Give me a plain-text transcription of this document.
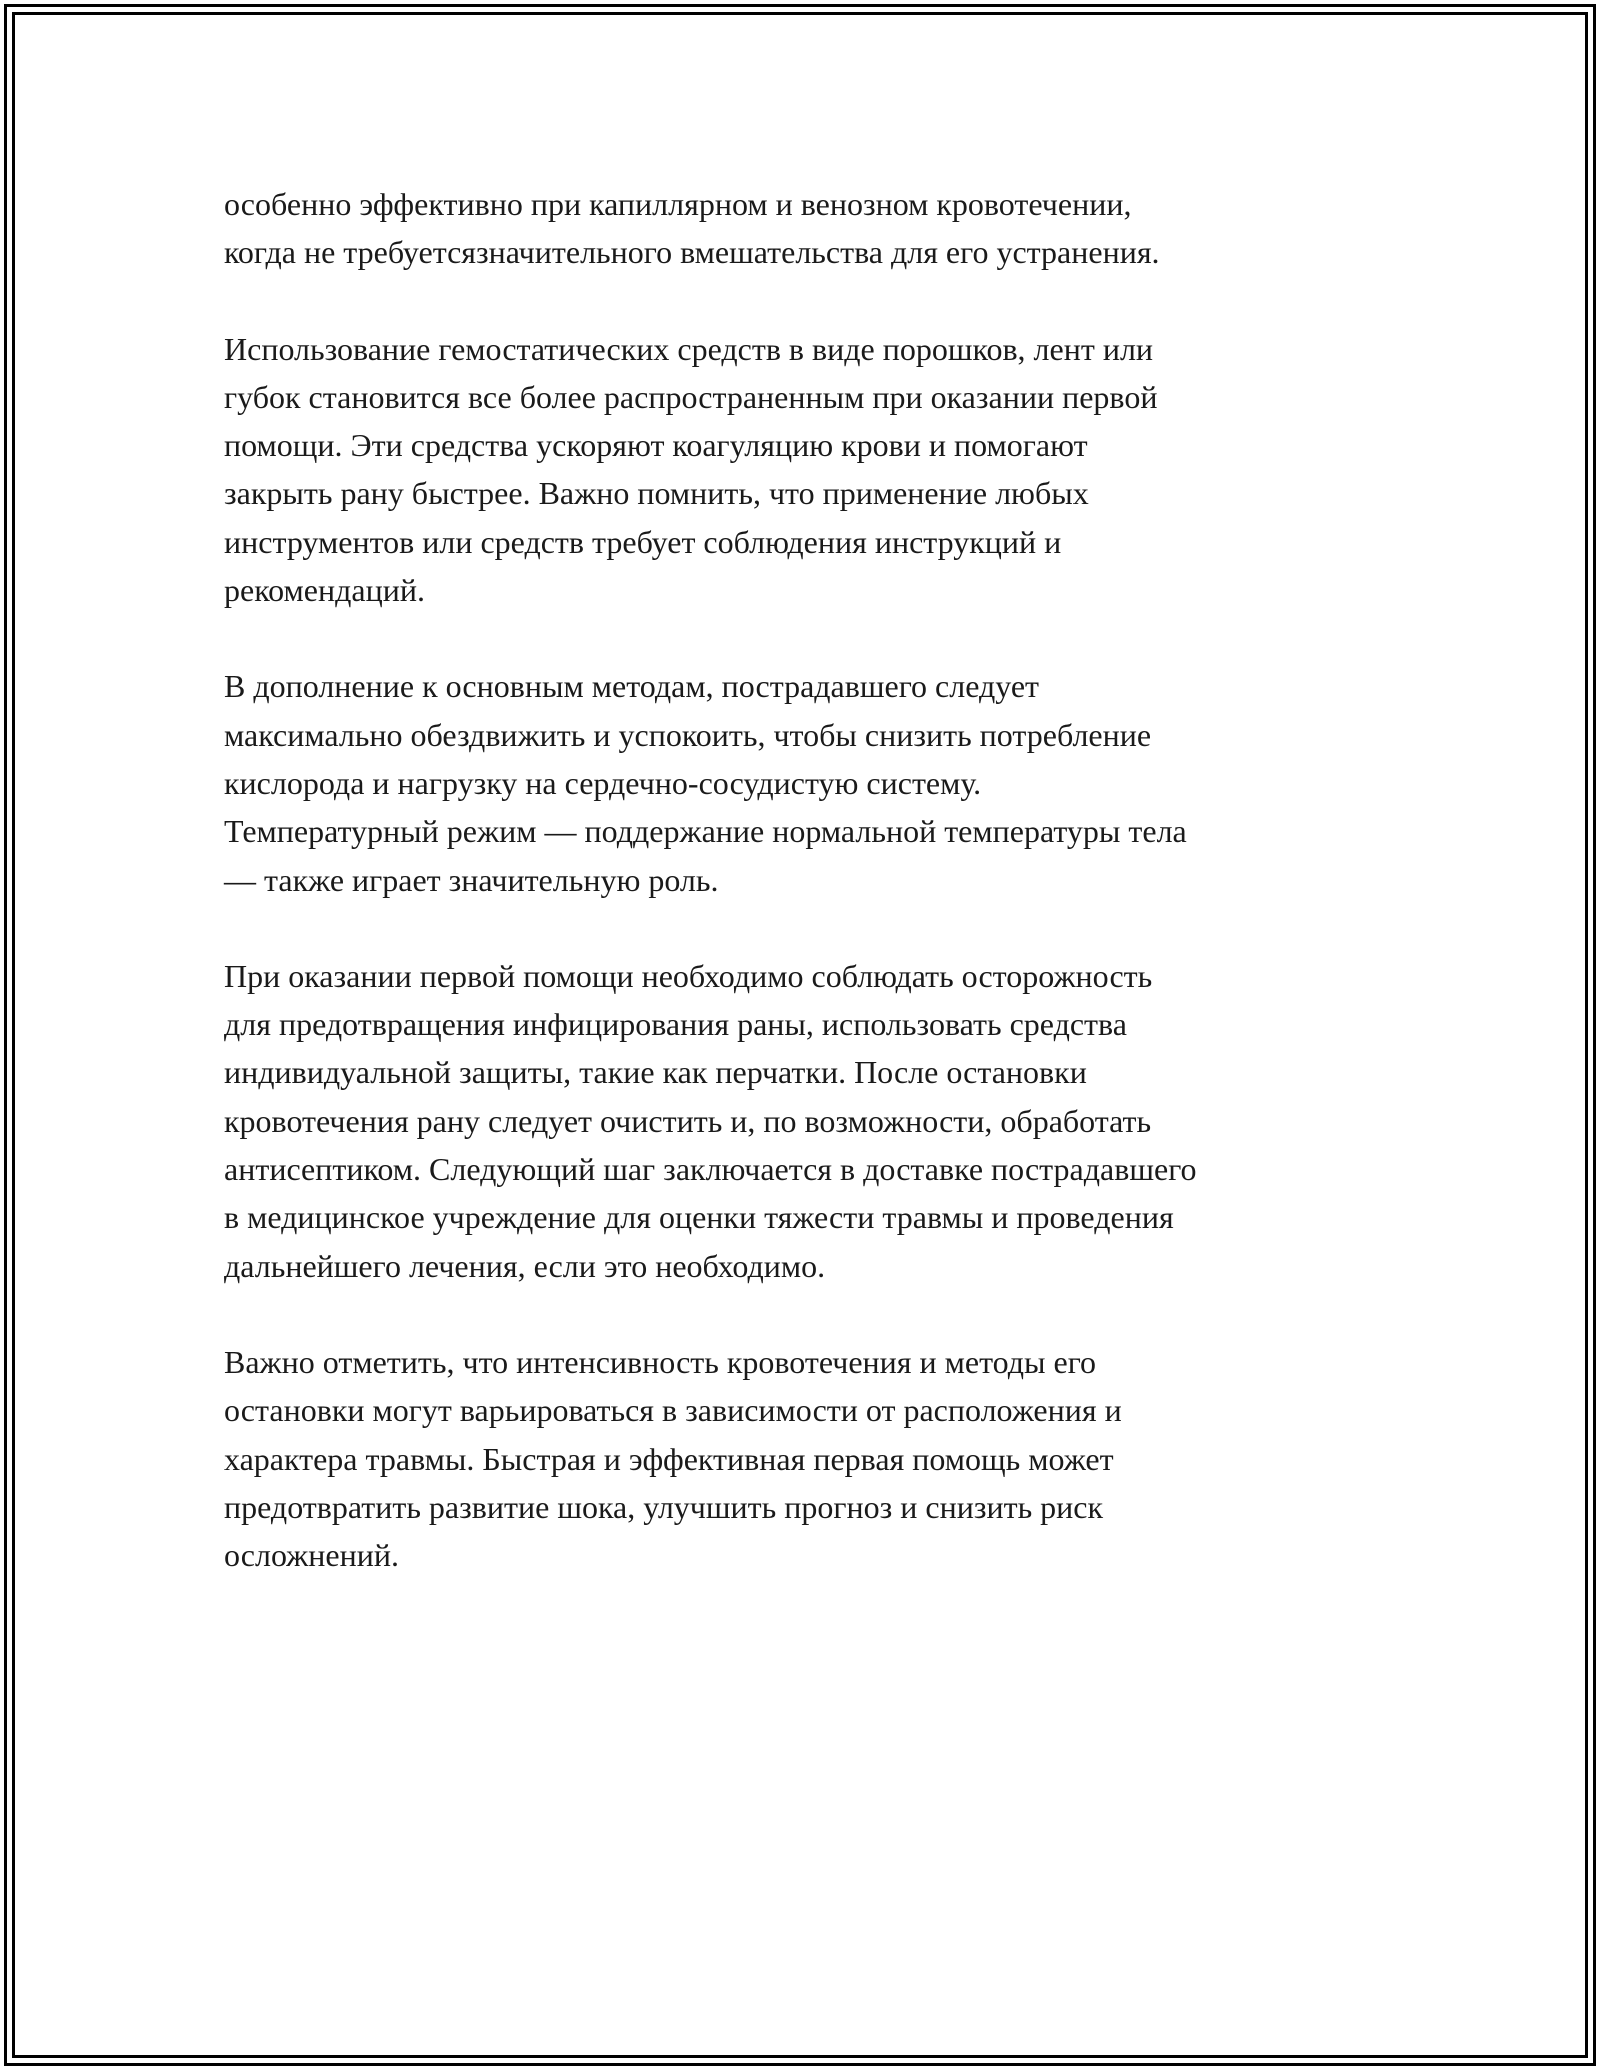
особенно эффективно при капиллярном и венозном кровотечении,
когда не требуетсязначительного вмешательства для его устранения.

Использование гемостатических средств в виде порошков, лент или
губок становится все более распространенным при оказании первой
помощи. Эти средства ускоряют коагуляцию крови и помогают
закрыть рану быстрее. Важно помнить, что применение любых
инструментов или средств требует соблюдения инструкций и
рекомендаций.

В дополнение к основным методам, пострадавшего следует
максимально обездвижить и успокоить, чтобы снизить потребление
кислорода и нагрузку на сердечно-сосудистую систему.
Температурный режим — поддержание нормальной температуры тела
— также играет значительную роль.

При оказании первой помощи необходимо соблюдать осторожность
для предотвращения инфицирования раны, использовать средства
индивидуальной защиты, такие как перчатки. После остановки
кровотечения рану следует очистить и, по возможности, обработать
антисептиком. Следующий шаг заключается в доставке пострадавшего
в медицинское учреждение для оценки тяжести травмы и проведения
дальнейшего лечения, если это необходимо.

Важно отметить, что интенсивность кровотечения и методы его
остановки могут варьироваться в зависимости от расположения и
характера травмы. Быстрая и эффективная первая помощь может
предотвратить развитие шока, улучшить прогноз и снизить риск
осложнений.
